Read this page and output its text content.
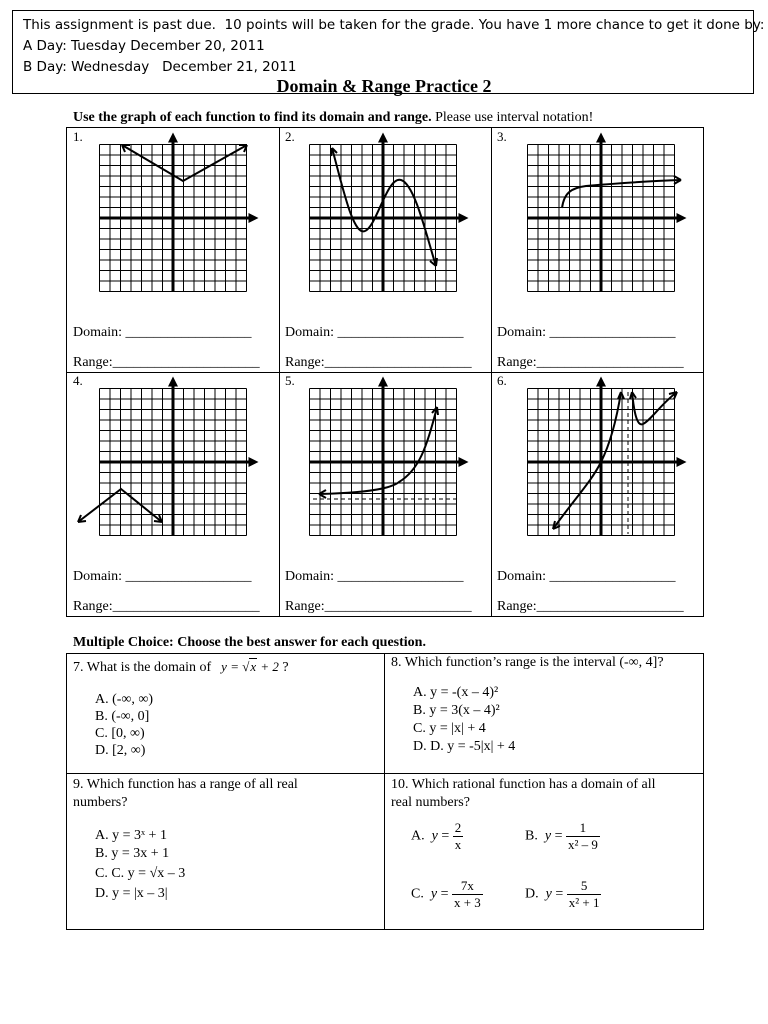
This assignment is past due.  10 points will be taken for the grade. You have 1 more chance to get it done by:
A Day: Tuesday December 20, 2011
B Day: Wednesday   December 21, 2011
Domain & Range Practice 2
Use the graph of each function to find its domain and range. Please use interval notation!
1.
Domain: __________________
Range:_____________________
2.
Domain: __________________
Range:_____________________
3.
Domain: __________________
Range:_____________________
4.
Domain: __________________
Range:_____________________
5.
Domain: __________________
Range:_____________________
6.
Domain: __________________
Range:_____________________
Multiple Choice: Choose the best answer for each question.
7. What is the domain of   y = √x + 2 ?
A. (-∞, ∞)
B. (-∞, 0]
C. [0, ∞)
D. [2, ∞)
8. Which function’s range is the interval (-∞, 4]?
A. y = -(x – 4)²
B. y = 3(x – 4)²
C. y = |x| + 4
D. D. y = -5|x| + 4
9. Which function has a range of all real
numbers?
A. y = 3ˣ + 1
B. y = 3x + 1
C. C. y = √x – 3
D. y = |x – 3|
10. Which rational function has a domain of all
real numbers?
A. $y = \frac{2}{x}$	B. $y = \frac{1}{\text{x² – 9}}$
C. $y = \frac{7x}{x + 3}$	D. $y = \frac{5}{\text{x² + 1}}$
